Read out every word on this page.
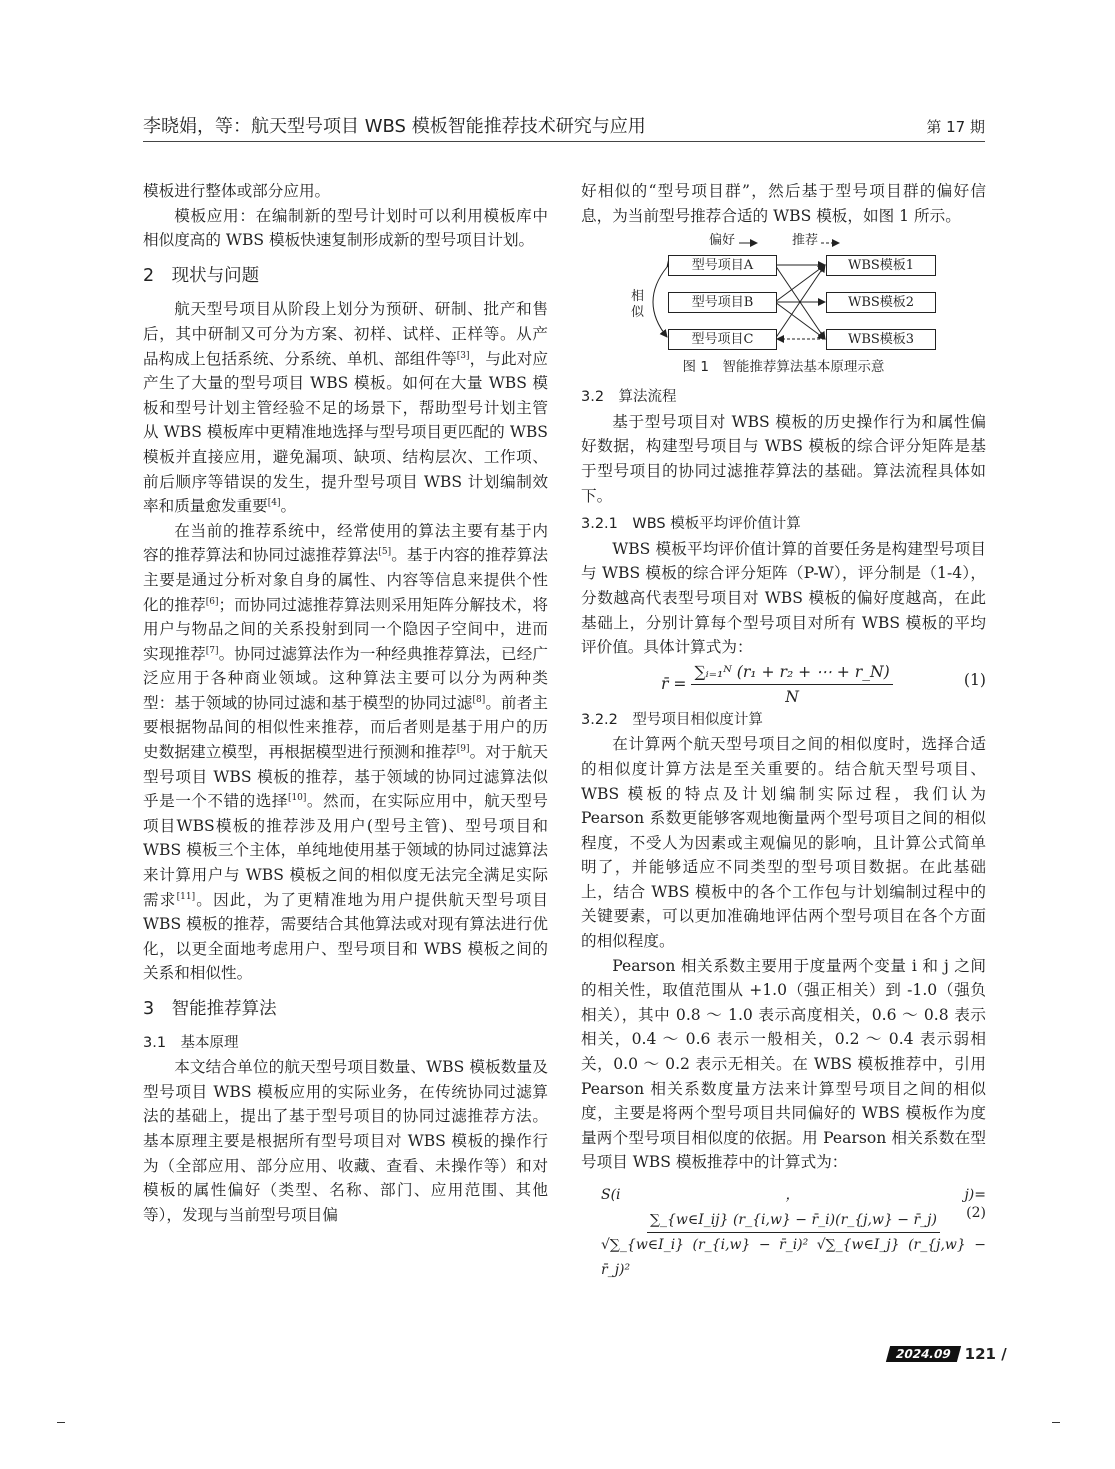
李晓娟，等：航天型号项目 WBS 模板智能推荐技术研究与应用	第 17 期

模板进行整体或部分应用。

模板应用：在编制新的型号计划时可以利用模板库中相似度高的 WBS 模板快速复制形成新的型号项目计划。

2　现状与问题

航天型号项目从阶段上划分为预研、研制、批产和售后，其中研制又可分为方案、初样、试样、正样等。从产品构成上包括系统、分系统、单机、部组件等[3]，与此对应产生了大量的型号项目 WBS 模板。如何在大量 WBS 模板和型号计划主管经验不足的场景下，帮助型号计划主管从 WBS 模板库中更精准地选择与型号项目更匹配的 WBS 模板并直接应用，避免漏项、缺项、结构层次、工作项、前后顺序等错误的发生，提升型号项目 WBS 计划编制效率和质量愈发重要[4]。

在当前的推荐系统中，经常使用的算法主要有基于内容的推荐算法和协同过滤推荐算法[5]。基于内容的推荐算法主要是通过分析对象自身的属性、内容等信息来提供个性化的推荐[6]；而协同过滤推荐算法则采用矩阵分解技术，将用户与物品之间的关系投射到同一个隐因子空间中，进而实现推荐[7]。协同过滤算法作为一种经典推荐算法，已经广泛应用于各种商业领域。这种算法主要可以分为两种类型：基于领域的协同过滤和基于模型的协同过滤[8]。前者主要根据物品间的相似性来推荐，而后者则是基于用户的历史数据建立模型，再根据模型进行预测和推荐[9]。对于航天型号项目 WBS 模板的推荐，基于领域的协同过滤算法似乎是一个不错的选择[10]。然而，在实际应用中，航天型号项目WBS模板的推荐涉及用户(型号主管)、型号项目和 WBS 模板三个主体，单纯地使用基于领域的协同过滤算法来计算用户与 WBS 模板之间的相似度无法完全满足实际需求[11]。因此，为了更精准地为用户提供航天型号项目 WBS 模板的推荐，需要结合其他算法或对现有算法进行优化，以更全面地考虑用户、型号项目和 WBS 模板之间的关系和相似性。

3　智能推荐算法
3.1　基本原理

本文结合单位的航天型号项目数量、WBS 模板数量及型号项目 WBS 模板应用的实际业务，在传统协同过滤算法的基础上，提出了基于型号项目的协同过滤推荐方法。基本原理主要是根据所有型号项目对 WBS 模板的操作行为（全部应用、部分应用、收藏、查看、未操作等）和对模板的属性偏好（类型、名称、部门、应用范围、其他等），发现与当前型号项目偏

好相似的“型号项目群”，然后基于型号项目群的偏好信息，为当前型号推荐合适的 WBS 模板，如图 1 所示。

偏好	推荐
相似
型号项目A
型号项目B
型号项目C
WBS模板1
WBS模板2
WBS模板3
图 1　智能推荐算法基本原理示意
3.2　算法流程

基于型号项目对 WBS 模板的历史操作行为和属性偏好数据，构建型号项目与 WBS 模板的综合评分矩阵是基于型号项目的协同过滤推荐算法的基础。算法流程具体如下。

3.2.1　WBS 模板平均评价值计算

WBS 模板平均评价值计算的首要任务是构建型号项目与 WBS 模板的综合评分矩阵（P-W），评分制是（1-4），分数越高代表型号项目对 WBS 模板的偏好度越高，在此基础上，分别计算每个型号项目对所有 WBS 模板的平均评价值。具体计算式为：

r̄ = $\frac{\text{∑ᵢ₌₁ᴺ (r₁ + r₂ + ⋯ + r\_N)}}{N}$	(1)
3.2.2　型号项目相似度计算

在计算两个航天型号项目之间的相似度时，选择合适的相似度计算方法是至关重要的。结合航天型号项目、WBS 模板的特点及计划编制实际过程，我们认为 Pearson 系数更能够客观地衡量两个型号项目之间的相似程度，不受人为因素或主观偏见的影响，且计算公式简单明了，并能够适应不同类型的型号项目数据。在此基础上，结合 WBS 模板中的各个工作包与计划编制过程中的关键要素，可以更加准确地评估两个型号项目在各个方面的相似程度。

Pearson 相关系数主要用于度量两个变量 i 和 j 之间的相关性，取值范围从 +1.0（强正相关）到 -1.0（强负相关），其中 0.8 ～ 1.0 表示高度相关，0.6 ～ 0.8 表示相关，0.4 ～ 0.6 表示一般相关，0.2 ～ 0.4 表示弱相关，0.0 ～ 0.2 表示无相关。在 WBS 模板推荐中，引用 Pearson 相关系数度量方法来计算型号项目之间的相似度，主要是将两个型号项目共同偏好的 WBS 模板作为度量两个型号项目相似度的依据。用 Pearson 相关系数在型号项目 WBS 模板推荐中的计算式为：

S(i，j)=
$\frac{\sum\_\{w\in I\_ij\} (r\_\{i,w\} - r̄\_i)(r\_\{j,w\} - r̄\_j)}{\text{√∑\_\{w∈I\_i\} (r\_\{i,w\} − r̄\_i)² √∑\_\{w∈I\_j\} (r\_\{j,w\} − r̄\_j)²}}$
(2)
2024.09 121 /
